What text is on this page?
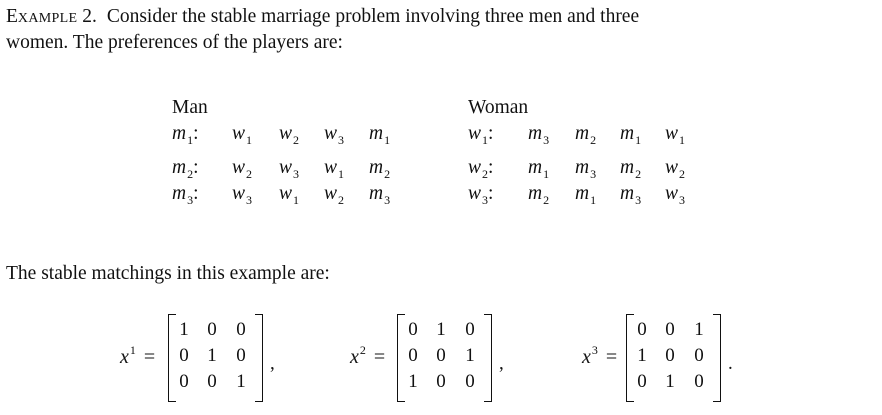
EXAMPLE 2. Consider the stable marriage problem involving three men and three
women. The preferences of the players are:
Man	Woman
$m_1$: $w_1$ $w_2$ $w_3$ $m_1$
$m_2$: $w_2$ $w_3$ $w_1$ $m_2$
$m_3$: $w_3$ $w_1$ $w_2$ $m_3$
$w_1$: $m_3$ $m_2$ $m_1$ $w_1$
$w_2$: $m_1$ $m_3$ $m_2$ $w_2$
$w_3$: $m_2$ $m_1$ $m_3$ $w_3$
The stable matchings in this example are:
$x^1$ =
1 0 0
0 1 0
0 0 1
,	$x^2$ =
0 1 0
0 0 1
1 0 0
,	$x^3$ =
0 0 1
1 0 0
0 1 0
.
